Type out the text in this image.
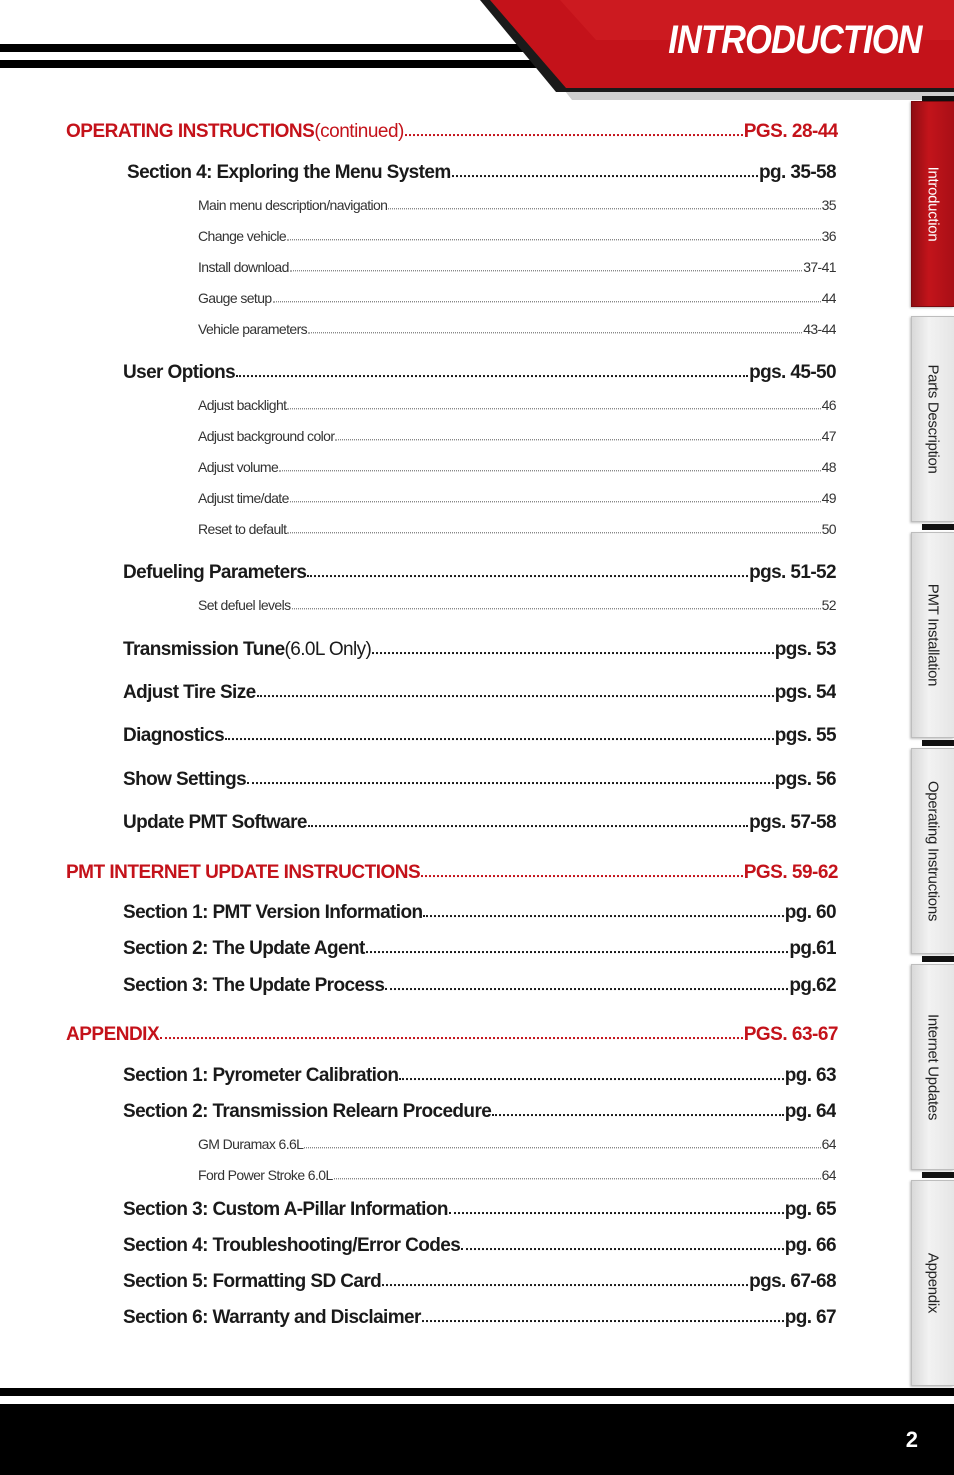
INTRODUCTION
Introduction
Parts Description
PMT Installation
Operating Instructions
Internet Updates
Appendix
OPERATING INSTRUCTIONS (continued)	PGS. 28-44
Section 4: Exploring the Menu System	pg. 35-58
Main menu description/navigation	35
Change vehicle	36
Install download	37-41
Gauge setup	44
Vehicle parameters	43-44
User Options	pgs. 45-50
Adjust backlight	46
Adjust background color	47
Adjust volume	48
Adjust time/date	49
Reset to default	50
Defueling Parameters	pgs. 51-52
Set defuel levels	52
Transmission Tune (6.0L Only)	pgs. 53
Adjust Tire Size	pgs. 54
Diagnostics	pgs. 55
Show Settings	pgs. 56
Update PMT Software	pgs. 57-58
PMT INTERNET UPDATE INSTRUCTIONS	PGS. 59-62
Section 1: PMT Version Information	pg. 60
Section 2: The Update Agent	pg.61
Section 3: The Update Process	pg.62
APPENDIX	PGS. 63-67
Section 1: Pyrometer Calibration	pg. 63
Section 2: Transmission Relearn Procedure	pg. 64
GM Duramax 6.6L	64
Ford Power Stroke 6.0L	64
Section 3: Custom A-Pillar Information	pg. 65
Section 4: Troubleshooting/Error Codes	pg. 66
Section 5: Formatting SD Card	pgs. 67-68
Section 6: Warranty and Disclaimer	pg. 67
2
